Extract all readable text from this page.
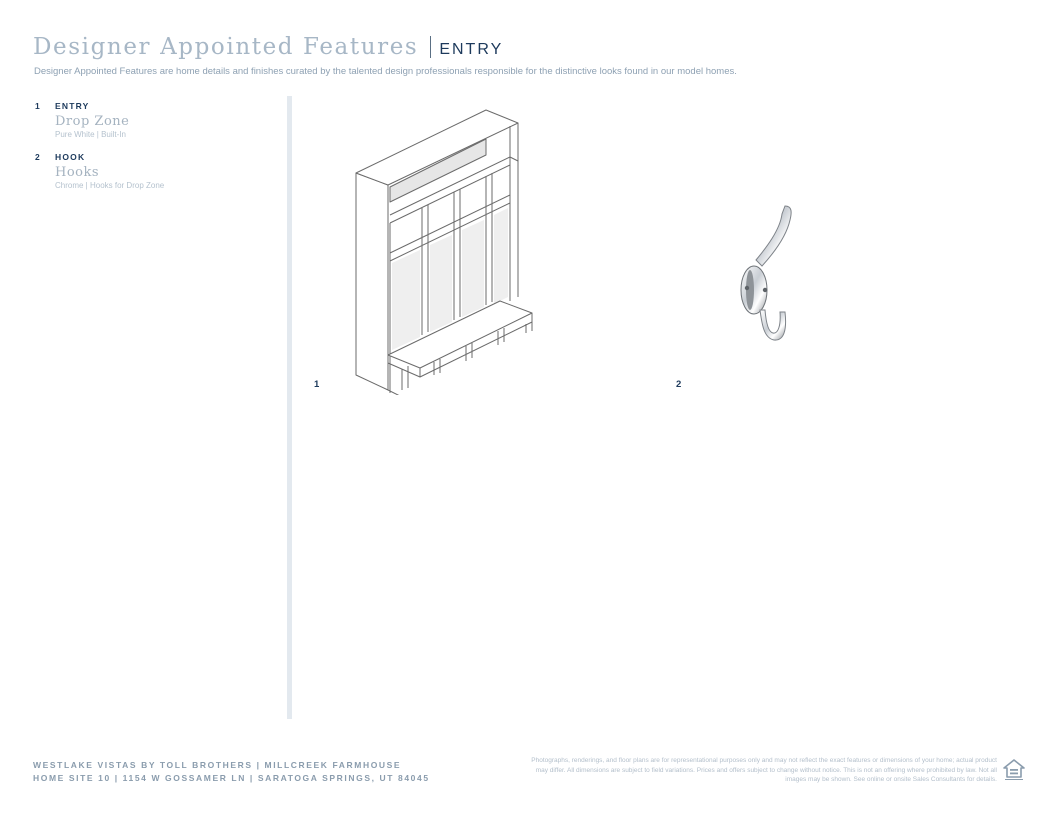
Designer Appointed Features ENTRY
Designer Appointed Features are home details and finishes curated by the talented design professionals responsible for the distinctive looks found in our model homes.
1	ENTRY
Drop Zone
Pure White | Built-In
2	HOOK
Hooks
Chrome | Hooks for Drop Zone
1	2
WESTLAKE VISTAS BY TOLL BROTHERS | MILLCREEK FARMHOUSE
HOME SITE 10 | 1154 W GOSSAMER LN | SARATOGA SPRINGS, UT 84045
Photographs, renderings, and floor plans are for representational purposes only and may not reflect the exact features or dimensions of your home; actual product may differ. All dimensions are subject to field variations. Prices and offers subject to change without notice. This is not an offering where prohibited by law. Not all images may be shown. See online or onsite Sales Consultants for details.
